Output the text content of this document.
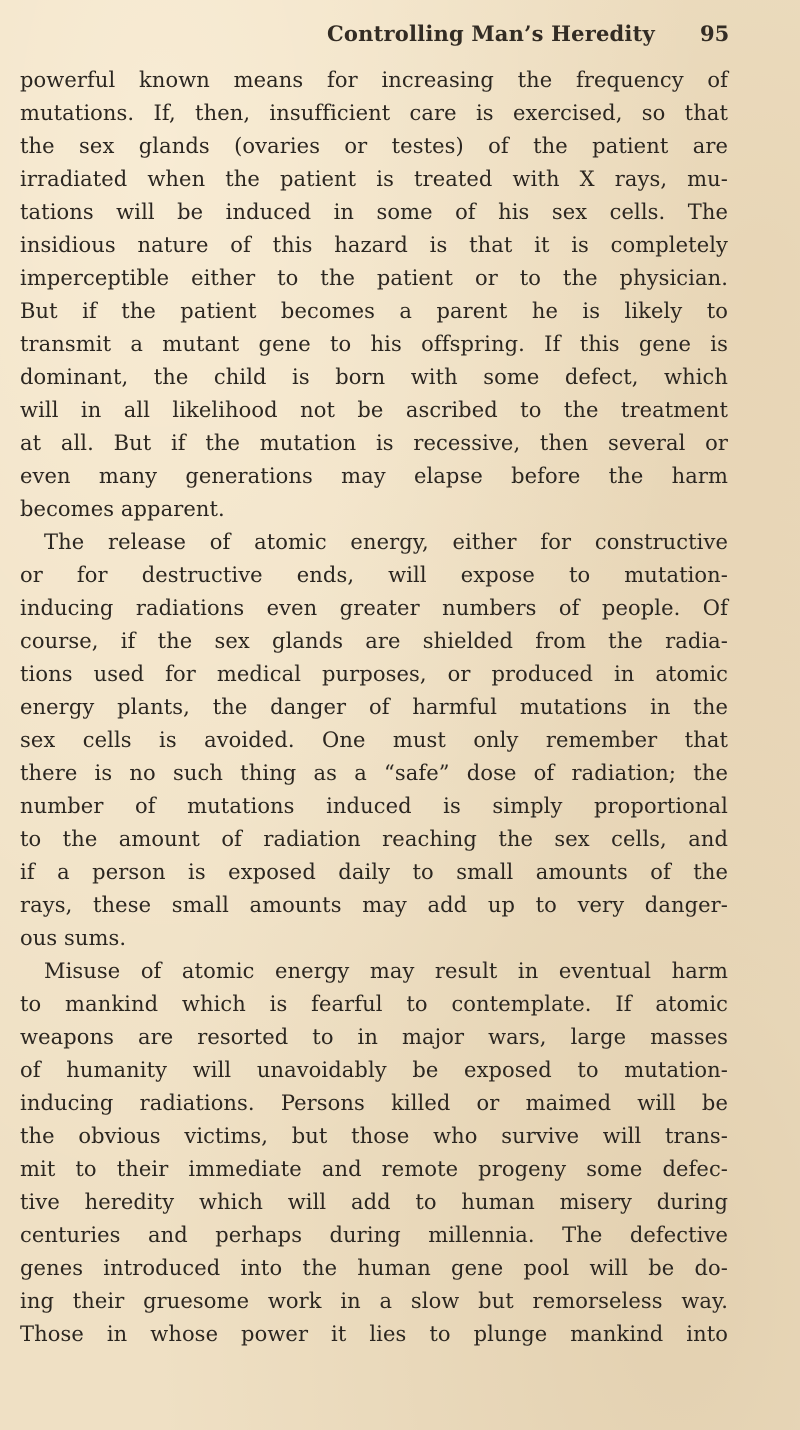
Controlling Man’s Heredity 95
powerful known means for increasing the frequency of
mutations. If, then, insufficient care is exercised, so that
the sex glands (ovaries or testes) of the patient are
irradiated when the patient is treated with X rays, mu-
tations will be induced in some of his sex cells. The
insidious nature of this hazard is that it is completely
imperceptible either to the patient or to the physician.
But if the patient becomes a parent he is likely to
transmit a mutant gene to his offspring. If this gene is
dominant, the child is born with some defect, which
will in all likelihood not be ascribed to the treatment
at all. But if the mutation is recessive, then several or
even many generations may elapse before the harm
becomes apparent.
The release of atomic energy, either for constructive
or for destructive ends, will expose to mutation-
inducing radiations even greater numbers of people. Of
course, if the sex glands are shielded from the radia-
tions used for medical purposes, or produced in atomic
energy plants, the danger of harmful mutations in the
sex cells is avoided. One must only remember that
there is no such thing as a “safe” dose of radiation; the
number of mutations induced is simply proportional
to the amount of radiation reaching the sex cells, and
if a person is exposed daily to small amounts of the
rays, these small amounts may add up to very danger-
ous sums.
Misuse of atomic energy may result in eventual harm
to mankind which is fearful to contemplate. If atomic
weapons are resorted to in major wars, large masses
of humanity will unavoidably be exposed to mutation-
inducing radiations. Persons killed or maimed will be
the obvious victims, but those who survive will trans-
mit to their immediate and remote progeny some defec-
tive heredity which will add to human misery during
centuries and perhaps during millennia. The defective
genes introduced into the human gene pool will be do-
ing their gruesome work in a slow but remorseless way.
Those in whose power it lies to plunge mankind into
